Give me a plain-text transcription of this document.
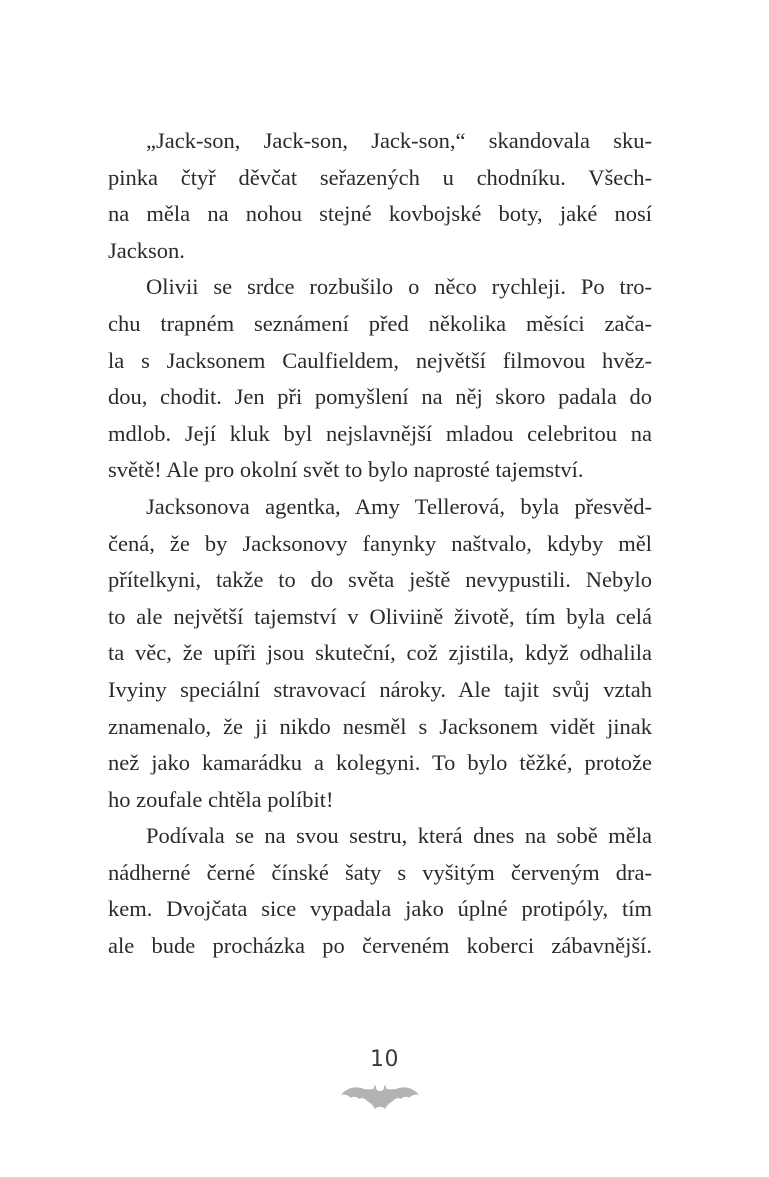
„Jack-son, Jack-son, Jack-son,“ skandovala sku-
pinka čtyř děvčat seřazených u chodníku. Všech-
na měla na nohou stejné kovbojské boty, jaké nosí
Jackson.
Olivii se srdce rozbušilo o něco rychleji. Po tro-
chu trapném seznámení před několika měsíci zača-
la s Jacksonem Caulfieldem, největší filmovou hvěz-
dou, chodit. Jen při pomyšlení na něj skoro padala do
mdlob. Její kluk byl nejslavnější mladou celebritou na
světě! Ale pro okolní svět to bylo naprosté tajemství.
Jacksonova agentka, Amy Tellerová, byla přesvěd-
čená, že by Jacksonovy fanynky naštvalo, kdyby měl
přítelkyni, takže to do světa ještě nevypustili. Nebylo
to ale největší tajemství v Oliviině životě, tím byla celá
ta věc, že upíři jsou skuteční, což zjistila, když odhalila
Ivyiny speciální stravovací nároky. Ale tajit svůj vztah
znamenalo, že ji nikdo nesměl s Jacksonem vidět jinak
než jako kamarádku a kolegyni. To bylo těžké, protože
ho zoufale chtěla políbit!
Podívala se na svou sestru, která dnes na sobě měla
nádherné černé čínské šaty s vyšitým červeným dra-
kem. Dvojčata sice vypadala jako úplné protipóly, tím
ale bude procházka po červeném koberci zábavnější.
10
